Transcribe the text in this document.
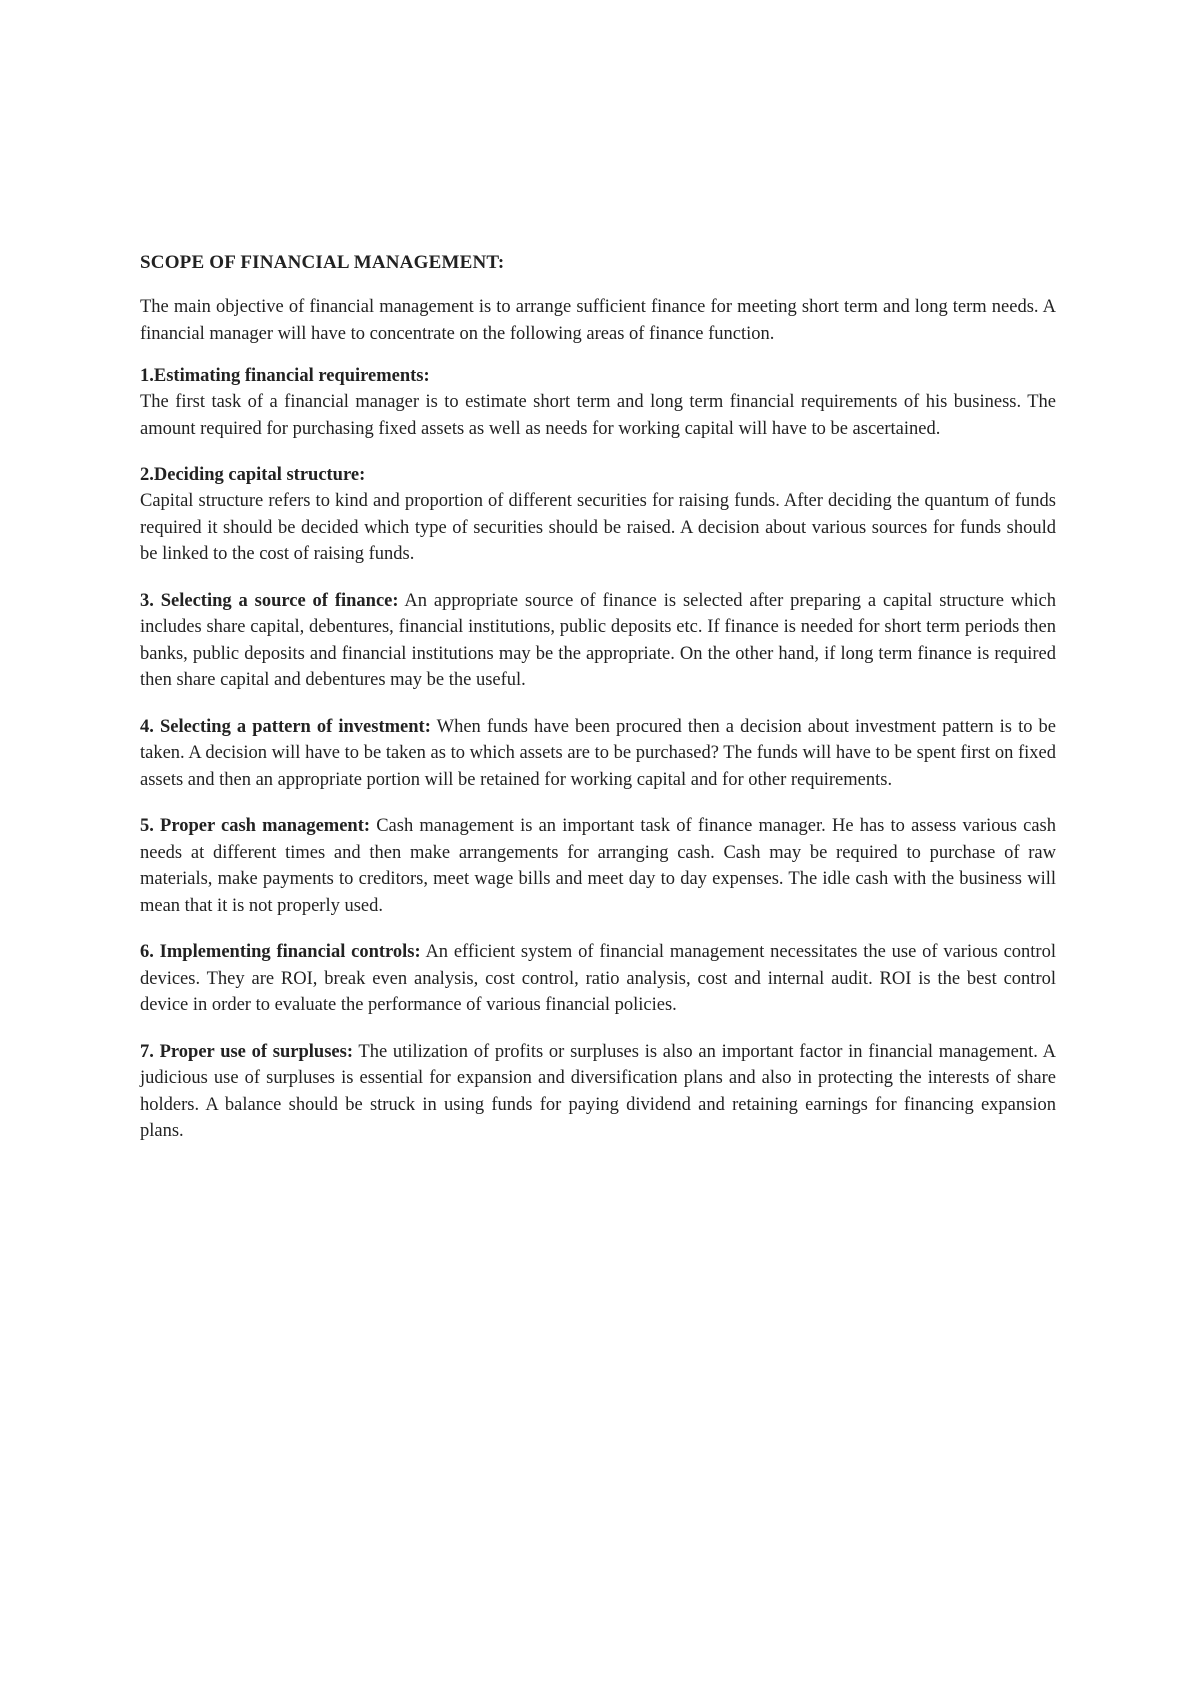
SCOPE OF FINANCIAL MANAGEMENT:

The main objective of financial management is to arrange sufficient finance for meeting short term and long term needs. A financial manager will have to concentrate on the following areas of finance function.

1.Estimating financial requirements:

The first task of a financial manager is to estimate short term and long term financial requirements of his business. The amount required for purchasing fixed assets as well as needs for working capital will have to be ascertained.

2.Deciding capital structure:

Capital structure refers to kind and proportion of different securities for raising funds. After deciding the quantum of funds required it should be decided which type of securities should be raised. A decision about various sources for funds should be linked to the cost of raising funds.

3. Selecting a source of finance: An appropriate source of finance is selected after preparing a capital structure which includes share capital, debentures, financial institutions, public deposits etc. If finance is needed for short term periods then banks, public deposits and financial institutions may be the appropriate. On the other hand, if long term finance is required then share capital and debentures may be the useful.

4. Selecting a pattern of investment: When funds have been procured then a decision about investment pattern is to be taken. A decision will have to be taken as to which assets are to be purchased? The funds will have to be spent first on fixed assets and then an appropriate portion will be retained for working capital and for other requirements.

5. Proper cash management: Cash management is an important task of finance manager. He has to assess various cash needs at different times and then make arrangements for arranging cash. Cash may be required to purchase of raw materials, make payments to creditors, meet wage bills and meet day to day expenses. The idle cash with the business will mean that it is not properly used.

6. Implementing financial controls: An efficient system of financial management necessitates the use of various control devices. They are ROI, break even analysis, cost control, ratio analysis, cost and internal audit. ROI is the best control device in order to evaluate the performance of various financial policies.

7. Proper use of surpluses: The utilization of profits or surpluses is also an important factor in financial management. A judicious use of surpluses is essential for expansion and diversification plans and also in protecting the interests of share holders. A balance should be struck in using funds for paying dividend and retaining earnings for financing expansion plans.
